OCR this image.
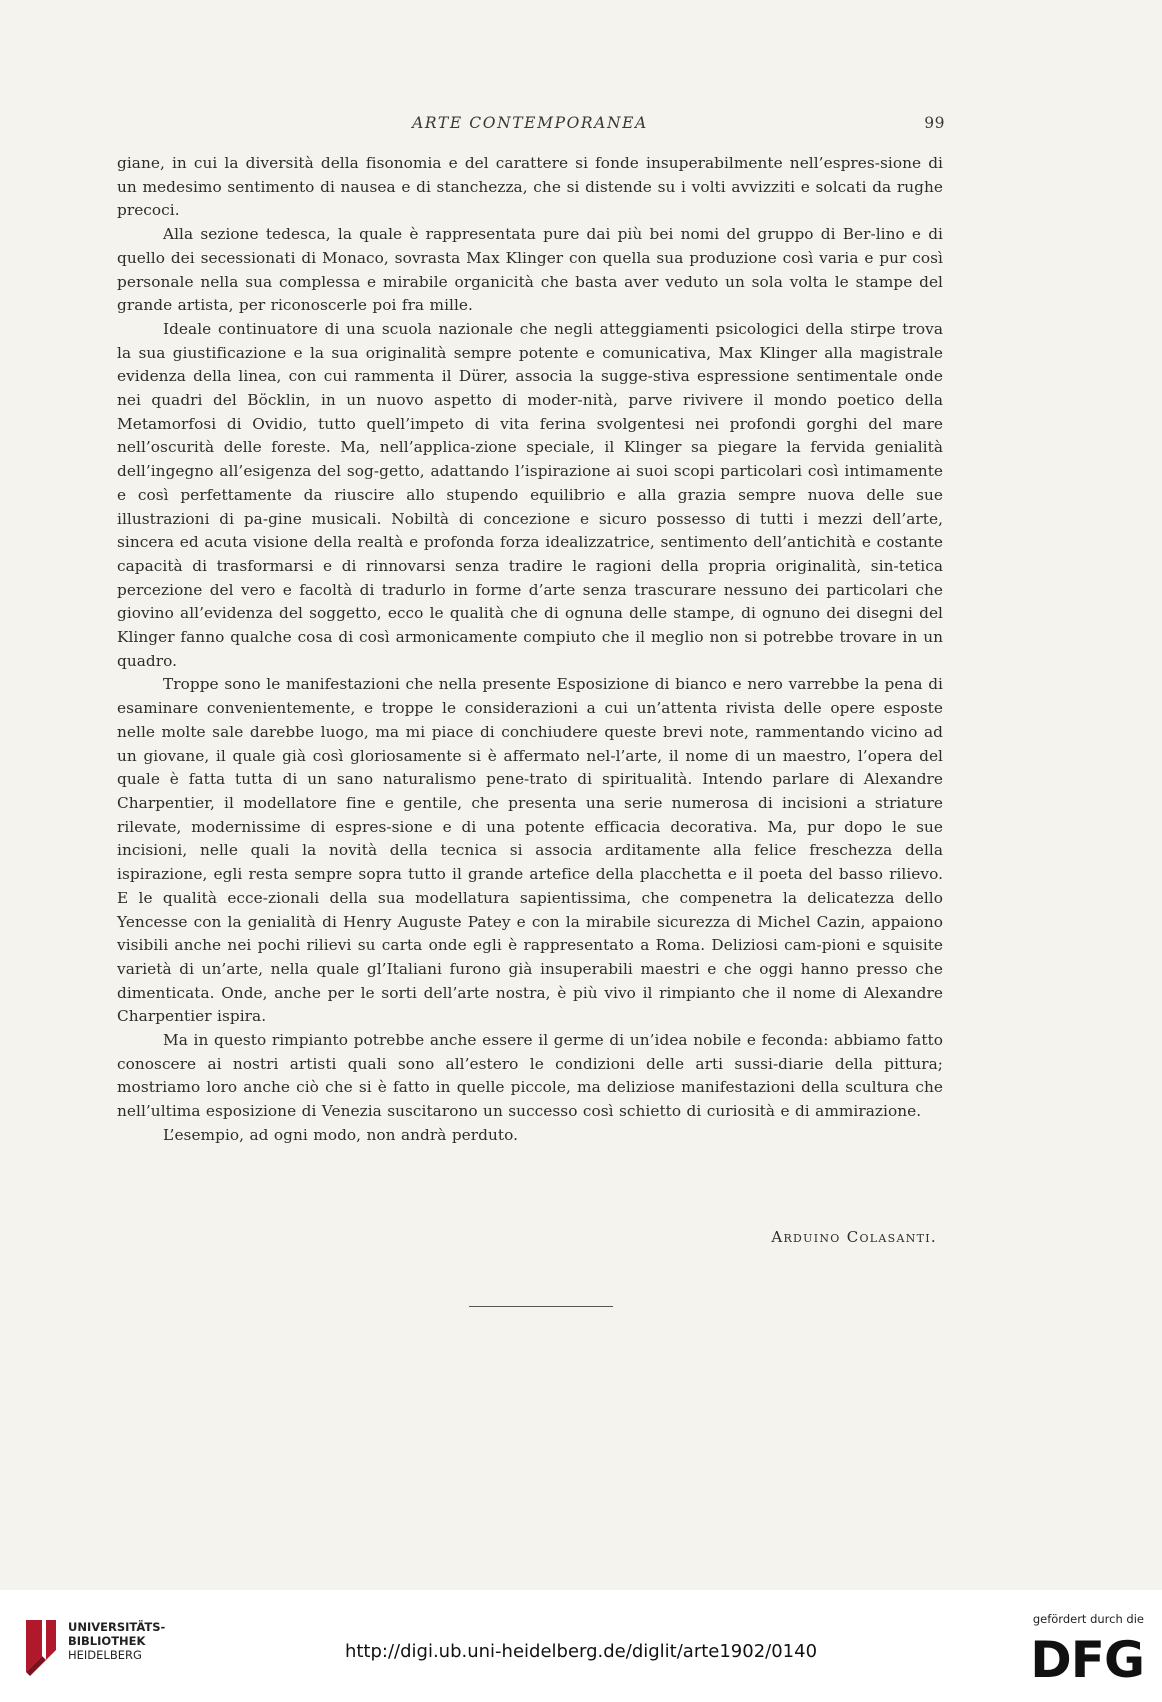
ARTE CONTEMPORANEA	99

giane, in cui la diversità della fisonomia e del carattere si fonde insuperabilmente nell’espres-sione di un medesimo sentimento di nausea e di stanchezza, che si distende su i volti avvizziti e solcati da rughe precoci.

Alla sezione tedesca, la quale è rappresentata pure dai più bei nomi del gruppo di Ber-lino e di quello dei secessionati di Monaco, sovrasta Max Klinger con quella sua produzione così varia e pur così personale nella sua complessa e mirabile organicità che basta aver veduto un sola volta le stampe del grande artista, per riconoscerle poi fra mille.

Ideale continuatore di una scuola nazionale che negli atteggiamenti psicologici della stirpe trova la sua giustificazione e la sua originalità sempre potente e comunicativa, Max Klinger alla magistrale evidenza della linea, con cui rammenta il Dürer, associa la sugge-stiva espressione sentimentale onde nei quadri del Böcklin, in un nuovo aspetto di moder-nità, parve rivivere il mondo poetico della Metamorfosi di Ovidio, tutto quell’impeto di vita ferina svolgentesi nei profondi gorghi del mare nell’oscurità delle foreste. Ma, nell’applica-zione speciale, il Klinger sa piegare la fervida genialità dell’ingegno all’esigenza del sog-getto, adattando l’ispirazione ai suoi scopi particolari così intimamente e così perfettamente da riuscire allo stupendo equilibrio e alla grazia sempre nuova delle sue illustrazioni di pa-gine musicali. Nobiltà di concezione e sicuro possesso di tutti i mezzi dell’arte, sincera ed acuta visione della realtà e profonda forza idealizzatrice, sentimento dell’antichità e costante capacità di trasformarsi e di rinnovarsi senza tradire le ragioni della propria originalità, sin-tetica percezione del vero e facoltà di tradurlo in forme d’arte senza trascurare nessuno dei particolari che giovino all’evidenza del soggetto, ecco le qualità che di ognuna delle stampe, di ognuno dei disegni del Klinger fanno qualche cosa di così armonicamente compiuto che il meglio non si potrebbe trovare in un quadro.

Troppe sono le manifestazioni che nella presente Esposizione di bianco e nero varrebbe la pena di esaminare convenientemente, e troppe le considerazioni a cui un’attenta rivista delle opere esposte nelle molte sale darebbe luogo, ma mi piace di conchiudere queste brevi note, rammentando vicino ad un giovane, il quale già così gloriosamente si è affermato nel-l’arte, il nome di un maestro, l’opera del quale è fatta tutta di un sano naturalismo pene-trato di spiritualità. Intendo parlare di Alexandre Charpentier, il modellatore fine e gentile, che presenta una serie numerosa di incisioni a striature rilevate, modernissime di espres-sione e di una potente efficacia decorativa. Ma, pur dopo le sue incisioni, nelle quali la novità della tecnica si associa arditamente alla felice freschezza della ispirazione, egli resta sempre sopra tutto il grande artefice della placchetta e il poeta del basso rilievo. E le qualità ecce-zionali della sua modellatura sapientissima, che compenetra la delicatezza dello Yencesse con la genialità di Henry Auguste Patey e con la mirabile sicurezza di Michel Cazin, appaiono visibili anche nei pochi rilievi su carta onde egli è rappresentato a Roma. Deliziosi cam-pioni e squisite varietà di un’arte, nella quale gl’Italiani furono già insuperabili maestri e che oggi hanno presso che dimenticata. Onde, anche per le sorti dell’arte nostra, è più vivo il rimpianto che il nome di Alexandre Charpentier ispira.

Ma in questo rimpianto potrebbe anche essere il germe di un’idea nobile e feconda: abbiamo fatto conoscere ai nostri artisti quali sono all’estero le condizioni delle arti sussi-diarie della pittura; mostriamo loro anche ciò che si è fatto in quelle piccole, ma deliziose manifestazioni della scultura che nell’ultima esposizione di Venezia suscitarono un successo così schietto di curiosità e di ammirazione.

L’esempio, ad ogni modo, non andrà perduto.

Arduino Colasanti.
UNIVERSITÄTS-
BIBLIOTHEK
HEIDELBERG	http://digi.ub.uni-heidelberg.de/diglit/arte1902/0140
gefördert durch die
DFG
